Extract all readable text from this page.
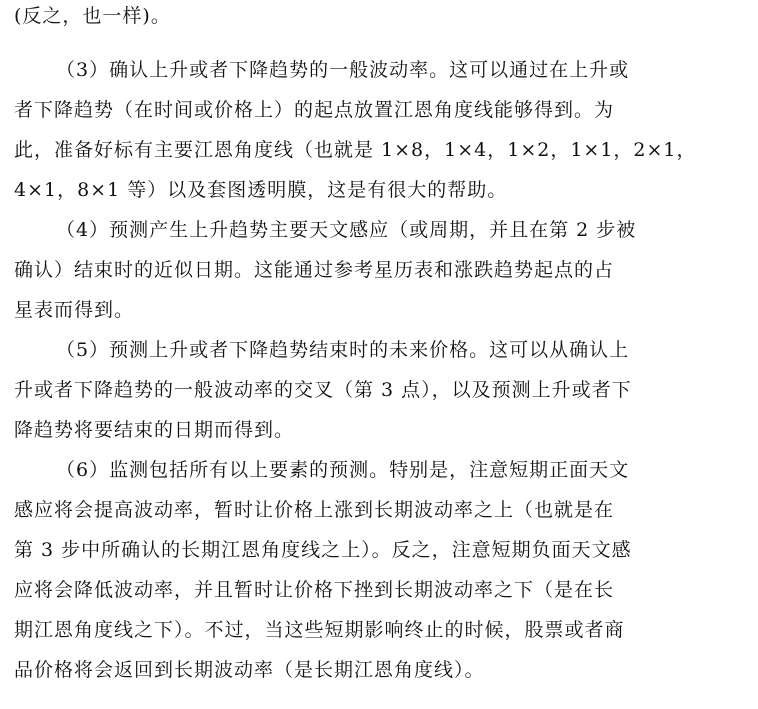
(反之，也一样)。
（3）确认上升或者下降趋势的一般波动率。这可以通过在上升或
者下降趋势（在时间或价格上）的起点放置江恩角度线能够得到。为
此，准备好标有主要江恩角度线（也就是 1×8，1×4，1×2，1×1，2×1，
4×1，8×1 等）以及套图透明膜，这是有很大的帮助。
（4）预测产生上升趋势主要天文感应（或周期，并且在第 2 步被
确认）结束时的近似日期。这能通过参考星历表和涨跌趋势起点的占
星表而得到。
（5）预测上升或者下降趋势结束时的未来价格。这可以从确认上
升或者下降趋势的一般波动率的交叉（第 3 点），以及预测上升或者下
降趋势将要结束的日期而得到。
（6）监测包括所有以上要素的预测。特别是，注意短期正面天文
感应将会提高波动率，暂时让价格上涨到长期波动率之上（也就是在
第 3 步中所确认的长期江恩角度线之上）。反之，注意短期负面天文感
应将会降低波动率，并且暂时让价格下挫到长期波动率之下（是在长
期江恩角度线之下）。不过，当这些短期影响终止的时候，股票或者商
品价格将会返回到长期波动率（是长期江恩角度线）。
